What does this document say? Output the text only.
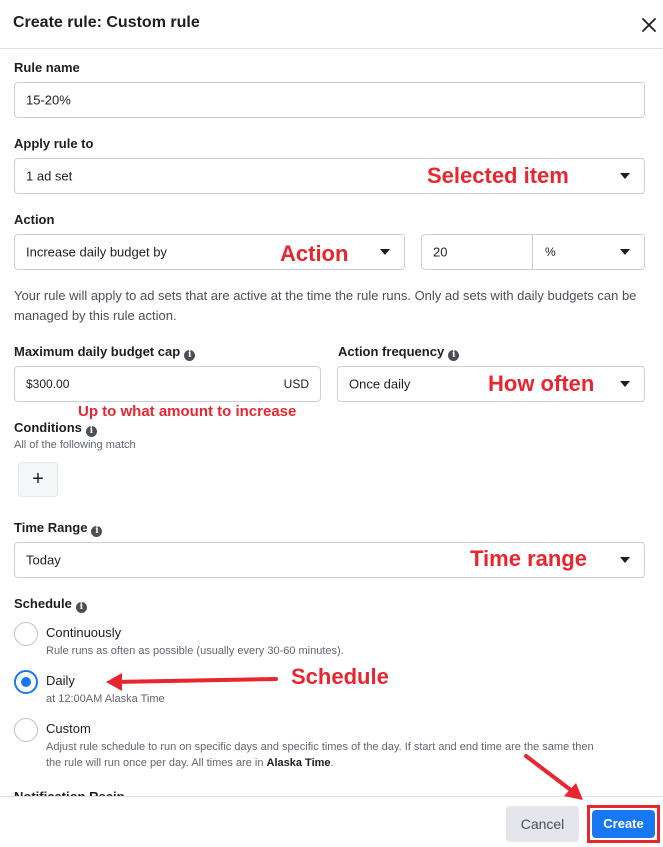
Create rule: Custom rule
Rule name
15-20%
Apply rule to
1 ad set	Selected item
Action
Increase daily budget by	Action	20	%
Your rule will apply to ad sets that are active at the time the rule runs. Only ad sets with daily budgets can be managed by this rule action.
Maximum daily budget cap i
$300.00	USD
Up to what amount to increase
Action frequency i
Once daily	How often
Conditions i
All of the following match
+
Time Range i
Today	Time range
Schedule i
Continuously
Rule runs as often as possible (usually every 30-60 minutes).
Daily
at 12:00AM Alaska Time
Schedule
Custom
Adjust rule schedule to run on specific days and specific times of the day. If start and end time are the same then
the rule will run once per day. All times are in Alaska Time.
Cancel	Create
